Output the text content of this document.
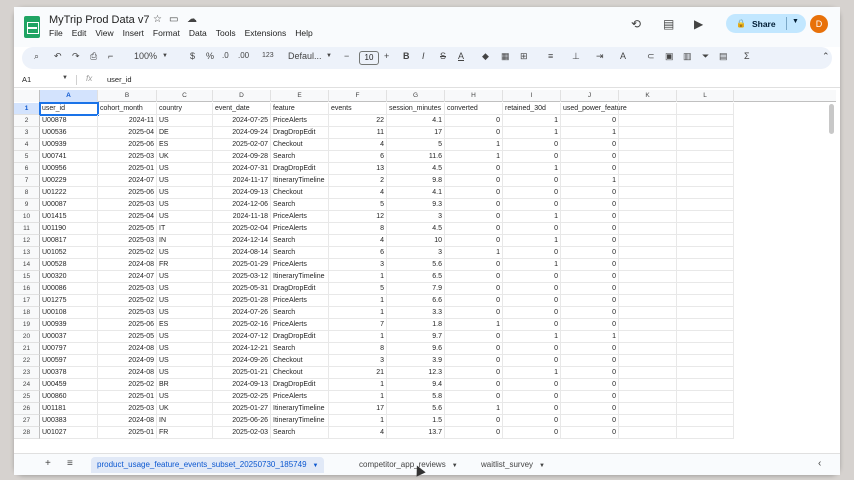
MyTrip Prod Data v7 ☆ ▭ ☁
File	Edit	View	Insert	Format	Data	Tools	Extensions	Help
⟲ ▤ ▶	🔒 Share ▼	D
⌕ ↶ ↷ ⎙ ⌐ 100% ▼ $ % .0 .00 123 Defaul... ▼ −	10	+ B I S A ◆ ▦ ⊞ ≡ ⊥ ⇥ A ⊂ ▣ ▥ ⏷ ▤ Σ	⌃
A1	▼ fx user_id
A	B	C	D	E	F	G	H	I	J	K	L
1	user_id	cohort_month	country	event_date	feature	events	session_minutes converted	retained_30d	used_power_feature
2	U00878	2024-11 US	2024-07-25 PriceAlerts	22	4.1	0	1	0
3	U00536	2025-04 DE	2024-09-24 DragDropEdit	11	17	0	1	1
4	U00939	2025-06 ES	2025-02-07 Checkout	4	5	1	0	0
5	U00741	2025-03 UK	2024-09-28 Search	6	11.6	1	0	0
6	U00956	2025-01 US	2024-07-31 DragDropEdit	13	4.5	0	1	0
7	U00229	2024-07 US	2024-11-17 ItineraryTimeline	2	9.8	0	0	1
8	U01222	2025-06 US	2024-09-13 Checkout	4	4.1	0	0	0
9	U00087	2025-03 US	2024-12-06 Search	5	9.3	0	0	0
10	U01415	2025-04 US	2024-11-18 PriceAlerts	12	3	0	1	0
11	U01190	2025-05 IT	2025-02-04 PriceAlerts	8	4.5	0	0	0
12	U00817	2025-03 IN	2024-12-14 Search	4	10	0	1	0
13	U01052	2025-02 US	2024-08-14 Search	6	3	1	0	0
14	U00528	2024-08 FR	2025-01-29 PriceAlerts	3	5.6	0	1	0
15	U00320	2024-07 US	2025-03-12 ItineraryTimeline	1	6.5	0	0	0
16	U00086	2025-03 US	2025-05-31 DragDropEdit	5	7.9	0	0	0
17	U01275	2025-02 US	2025-01-28 PriceAlerts	1	6.6	0	0	0
18	U00108	2025-03 US	2024-07-26 Search	1	3.3	0	0	0
19	U00939	2025-06 ES	2025-02-16 PriceAlerts	7	1.8	1	0	0
20	U00037	2025-05 US	2024-07-12 DragDropEdit	1	9.7	0	1	1
21	U00797	2024-08 US	2024-12-21 Search	8	9.6	0	0	0
22	U00597	2024-09 US	2024-09-26 Checkout	3	3.9	0	0	0
23	U00378	2024-08 US	2025-01-21 Checkout	21	12.3	0	1	0
24	U00459	2025-02 BR	2024-09-13 DragDropEdit	1	9.4	0	0	0
25	U00860	2025-01 US	2025-02-25 PriceAlerts	1	5.8	0	0	0
26	U01181	2025-03 UK	2025-01-27 ItineraryTimeline	17	5.6	1	0	0
27	U00383	2024-08 IN	2025-06-26 ItineraryTimeline	1	1.5	0	0	0
28	U01027	2025-01 FR	2025-02-03 Search	4	13.7	0	0	0
+ ≡	product_usage_feature_events_subset_20250730_185749 ▼	competitor_app_reviews ▼	waitlist_survey ▼	‹
